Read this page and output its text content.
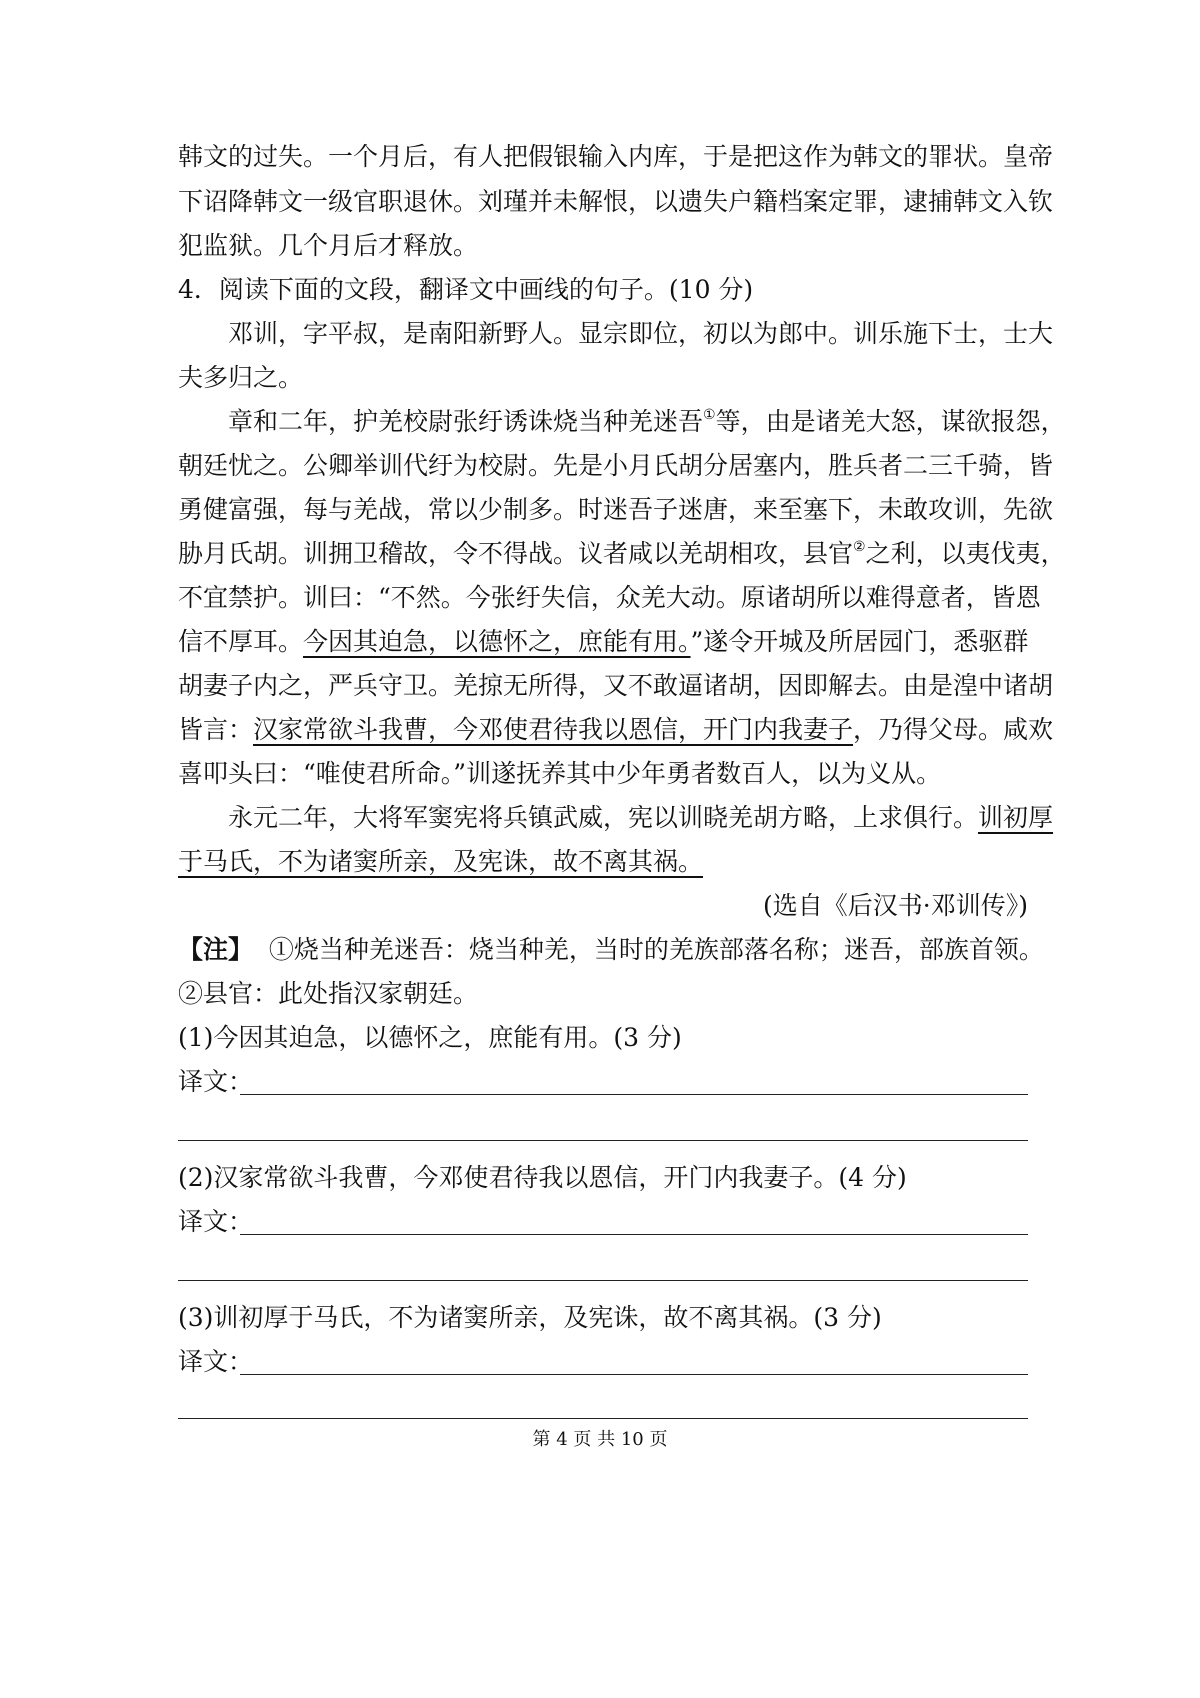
韩文的过失。一个月后，有人把假银输入内库，于是把这作为韩文的罪状。皇帝
下诏降韩文一级官职退休。刘瑾并未解恨，以遗失户籍档案定罪，逮捕韩文入钦
犯监狱。几个月后才释放。
4．阅读下面的文段，翻译文中画线的句子。(10 分)
邓训，字平叔，是南阳新野人。显宗即位，初以为郎中。训乐施下士，士大
夫多归之。
章和二年，护羌校尉张纡诱诛烧当种羌迷吾①等，由是诸羌大怒，谋欲报怨，
朝廷忧之。公卿举训代纡为校尉。先是小月氏胡分居塞内，胜兵者二三千骑，皆
勇健富强，每与羌战，常以少制多。时迷吾子迷唐，来至塞下，未敢攻训，先欲
胁月氏胡。训拥卫稽故，令不得战。议者咸以羌胡相攻，县官②之利，以夷伐夷，
不宜禁护。训曰：“不然。今张纡失信，众羌大动。原诸胡所以难得意者，皆恩
信不厚耳。今因其迫急，以德怀之，庶能有用。”遂令开城及所居园门，悉驱群
胡妻子内之，严兵守卫。羌掠无所得，又不敢逼诸胡，因即解去。由是湟中诸胡
皆言：汉家常欲斗我曹，今邓使君待我以恩信，开门内我妻子，乃得父母。咸欢
喜叩头曰：“唯使君所命。”训遂抚养其中少年勇者数百人，以为义从。
永元二年，大将军窦宪将兵镇武威，宪以训晓羌胡方略，上求俱行。训初厚
于马氏，不为诸窦所亲，及宪诛，故不离其祸。
(选自《后汉书·邓训传》)
【注】 ①烧当种羌迷吾：烧当种羌，当时的羌族部落名称；迷吾，部族首领。
②县官：此处指汉家朝廷。
(1)今因其迫急，以德怀之，庶能有用。(3 分)
译文：
(2)汉家常欲斗我曹，今邓使君待我以恩信，开门内我妻子。(4 分)
译文：
(3)训初厚于马氏，不为诸窦所亲，及宪诛，故不离其祸。(3 分)
译文：
第 4 页 共 10 页
